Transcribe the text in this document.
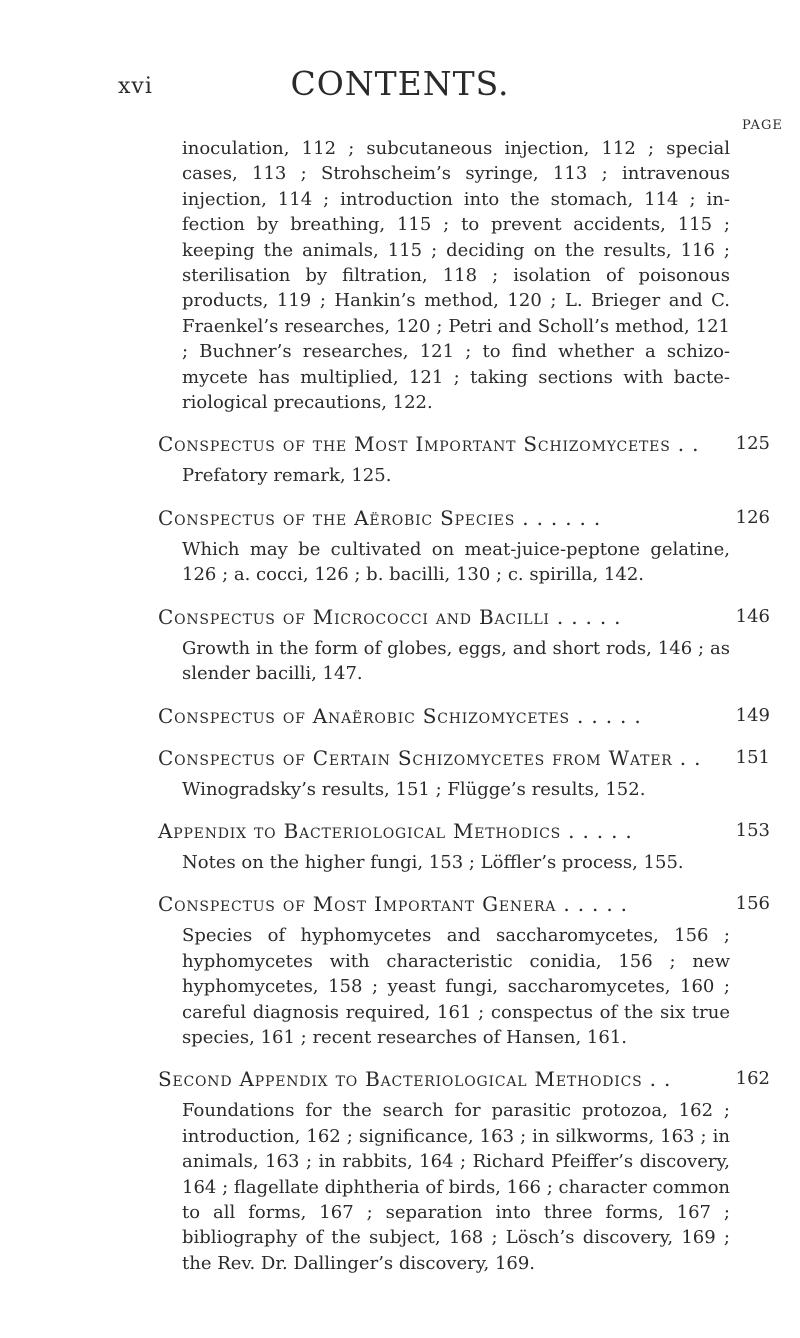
xvi	CONTENTS.
PAGE

inoculation, 112 ; subcutaneous injection, 112 ; special cases, 113 ; Strohscheim’s syringe, 113 ; intravenous injection, 114 ; introduction into the stomach, 114 ; infection by breathing, 115 ; to prevent accidents, 115 ; keeping the animals, 115 ; deciding on the results, 116 ; sterilisation by filtration, 118 ; isolation of poisonous products, 119 ; Hankin’s method, 120 ; L. Brieger and C. Fraenkel’s researches, 120 ; Petri and Scholl’s method, 121 ; Buchner’s researches, 121 ; to find whether a schizomycete has multiplied, 121 ; taking sections with bacteriological precautions, 122.

Conspectus of the Most Important Schizomycetes . . 125

Prefatory remark, 125.

Conspectus of the Aërobic Species . . . . . .	126

Which may be cultivated on meat-juice-peptone gelatine, 126 ; a. cocci, 126 ; b. bacilli, 130 ; c. spirilla, 142.

Conspectus of Micrococci and Bacilli . . . . .	146

Growth in the form of globes, eggs, and short rods, 146 ; as slender bacilli, 147.

Conspectus of Anaërobic Schizomycetes . . . . .	149
Conspectus of Certain Schizomycetes from Water . . 151

Winogradsky’s results, 151 ; Flügge’s results, 152.

Appendix to Bacteriological Methodics . . . . .	153

Notes on the higher fungi, 153 ; Löffler’s process, 155.

Conspectus of Most Important Genera . . . . .	156

Species of hyphomycetes and saccharomycetes, 156 ; hyphomycetes with characteristic conidia, 156 ; new hyphomycetes, 158 ; yeast fungi, saccharomycetes, 160 ; careful diagnosis required, 161 ; conspectus of the six true species, 161 ; recent researches of Hansen, 161.

Second Appendix to Bacteriological Methodics . .	162

Foundations for the search for parasitic protozoa, 162 ; introduction, 162 ; significance, 163 ; in silkworms, 163 ; in animals, 163 ; in rabbits, 164 ; Richard Pfeiffer’s discovery, 164 ; flagellate diphtheria of birds, 166 ; character common to all forms, 167 ; separation into three forms, 167 ; bibliography of the subject, 168 ; Lösch’s discovery, 169 ; the Rev. Dr. Dallinger’s discovery, 169.
